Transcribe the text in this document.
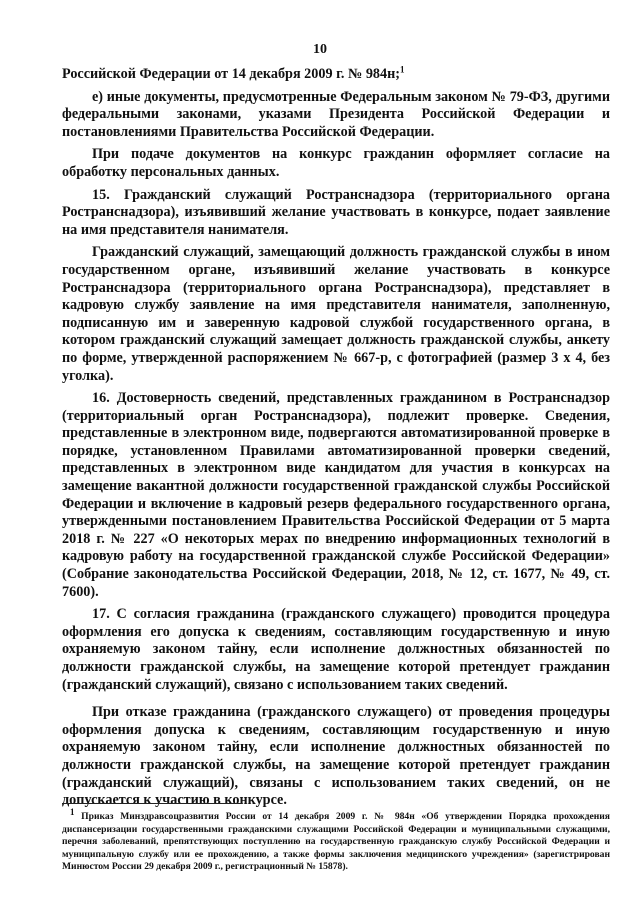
10

Российской Федерации от 14 декабря 2009 г. № 984н;$^1$

е) иные документы, предусмотренные Федеральным законом № 79-ФЗ, другими федеральными законами, указами Президента Российской Федерации и постановлениями Правительства Российской Федерации.

При подаче документов на конкурс гражданин оформляет согласие на обработку персональных данных.

15. Гражданский служащий Ространснадзора (территориального органа Ространснадзора), изъявивший желание участвовать в конкурсе, подает заявление на имя представителя нанимателя.

Гражданский служащий, замещающий должность гражданской службы в ином государственном органе, изъявивший желание участвовать в конкурсе Ространснадзора (территориального органа Ространснадзора), представляет в кадровую службу заявление на имя представителя нанимателя, заполненную, подписанную им и заверенную кадровой службой государственного органа, в котором гражданский служащий замещает должность гражданской службы, анкету по форме, утвержденной распоряжением № 667-р, с фотографией (размер 3 х 4, без уголка).

16. Достоверность сведений, представленных гражданином в Ространснадзор (территориальный орган Ространснадзора), подлежит проверке. Сведения, представленные в электронном виде, подвергаются автоматизированной проверке в порядке, установленном Правилами автоматизированной проверки сведений, представленных в электронном виде кандидатом для участия в конкурсах на замещение вакантной должности государственной гражданской службы Российской Федерации и включение в кадровый резерв федерального государственного органа, утвержденными постановлением Правительства Российской Федерации от 5 марта 2018 г. № 227 «О некоторых мерах по внедрению информационных технологий в кадровую работу на государственной гражданской службе Российской Федерации» (Собрание законодательства Российской Федерации, 2018, № 12, ст. 1677, № 49, ст. 7600).

17. С согласия гражданина (гражданского служащего) проводится процедура оформления его допуска к сведениям, составляющим государственную и иную охраняемую законом тайну, если исполнение должностных обязанностей по должности гражданской службы, на замещение которой претендует гражданин (гражданский служащий), связано с использованием таких сведений.

При отказе гражданина (гражданского служащего) от проведения процедуры оформления допуска к сведениям, составляющим государственную и иную охраняемую законом тайну, если исполнение должностных обязанностей по должности гражданской службы, на замещение которой претендует гражданин (гражданский служащий), связаны с использованием таких сведений, он не допускается к участию в конкурсе.

$^1$ Приказ Минздравсоцразвития России от 14 декабря 2009 г. № 984н «Об утверждении Порядка прохождения диспансеризации государственными гражданскими служащими Российской Федерации и муниципальными служащими, перечня заболеваний, препятствующих поступлению на государственную гражданскую службу Российской Федерации и муниципальную службу или ее прохождению, а также формы заключения медицинского учреждения» (зарегистрирован Минюстом России 29 декабря 2009 г., регистрационный № 15878).
